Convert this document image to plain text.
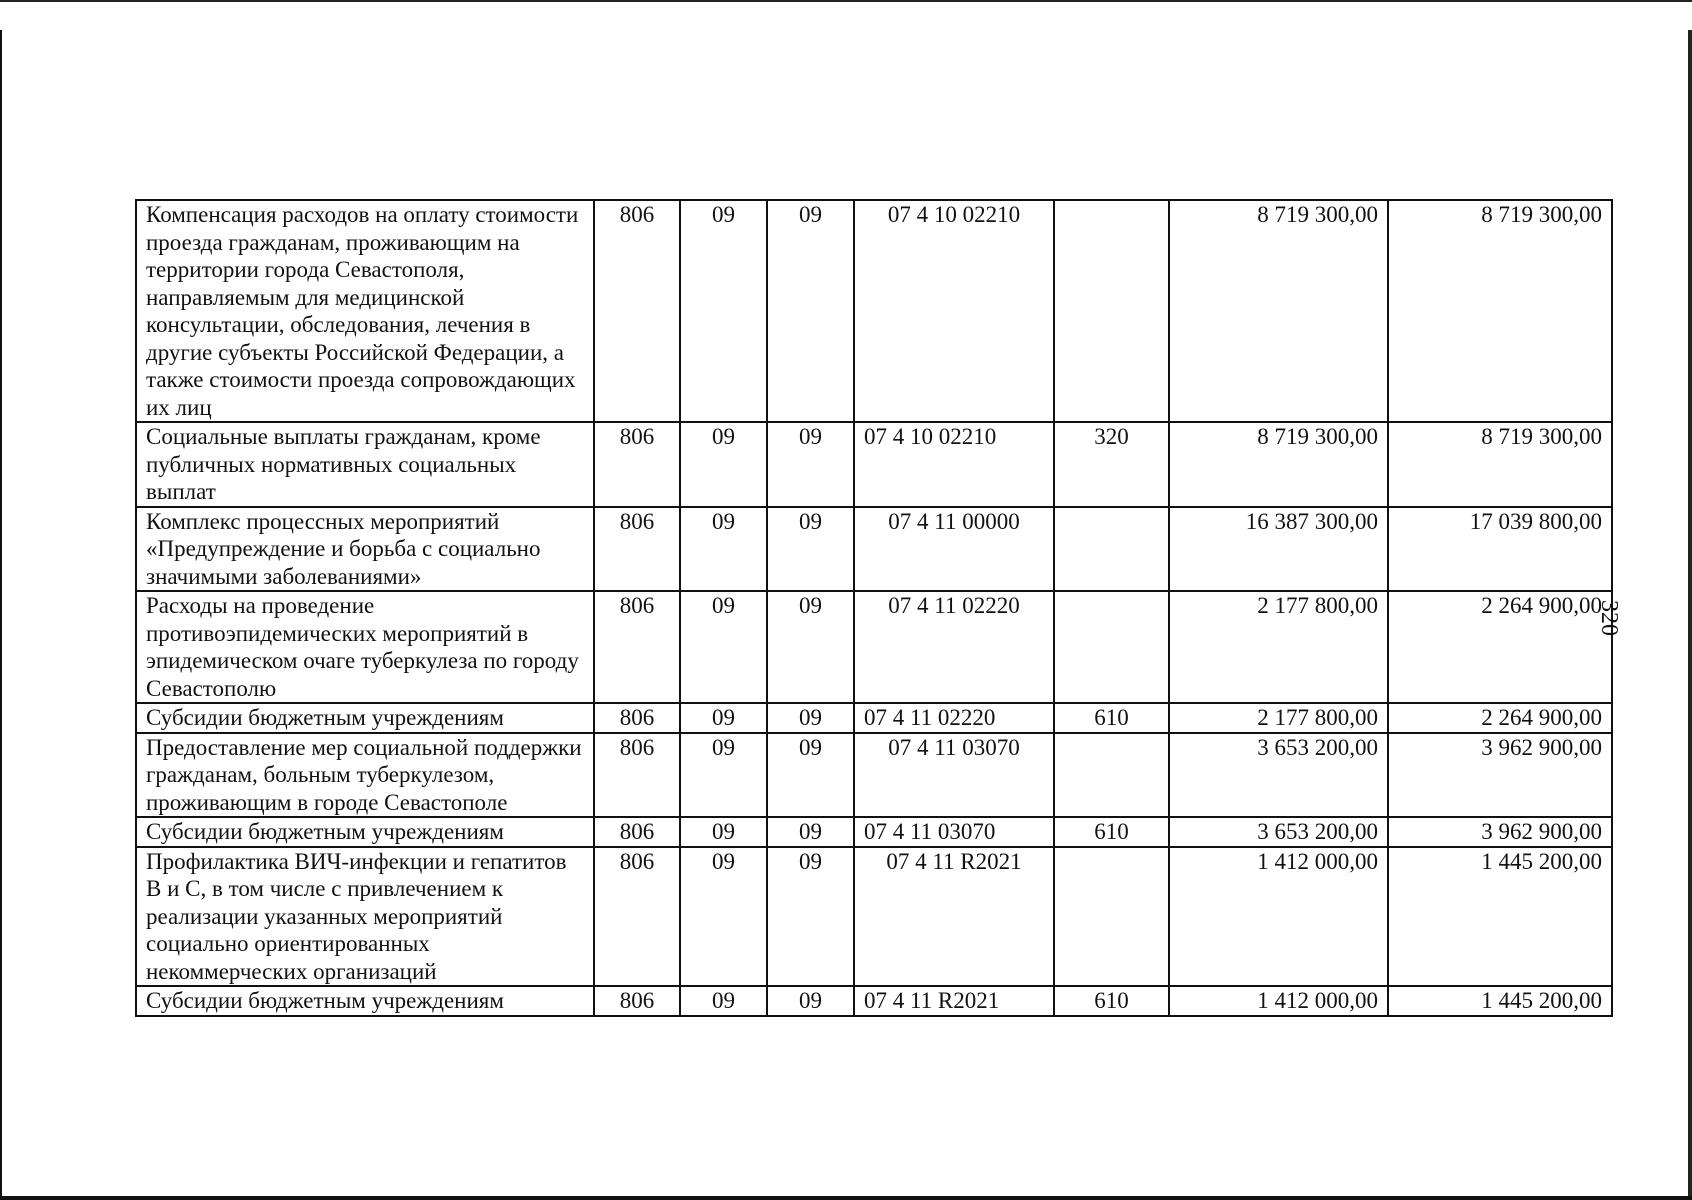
320
Компенсация расходов на оплату стоимости проезда гражданам, проживающим на территории города Севастополя, направляемым для медицинской консультации, обследования, лечения в другие субъекты Российской Федерации, а также стоимости проезда сопровождающих их лиц	806	09	09	07 4 10 02210		8 719 300,00	8 719 300,00
Социальные выплаты гражданам, кроме публичных нормативных социальных выплат	806	09	09	07 4 10 02210	320	8 719 300,00	8 719 300,00
Комплекс процессных мероприятий «Предупреждение и борьба с социально значимыми заболеваниями»	806	09	09	07 4 11 00000		16 387 300,00	17 039 800,00
Расходы на проведение противоэпидемических мероприятий в эпидемическом очаге туберкулеза по городу Севастополю	806	09	09	07 4 11 02220		2 177 800,00	2 264 900,00
Субсидии бюджетным учреждениям	806	09	09	07 4 11 02220	610	2 177 800,00	2 264 900,00
Предоставление мер социальной поддержки гражданам, больным туберкулезом, проживающим в городе Севастополе	806	09	09	07 4 11 03070		3 653 200,00	3 962 900,00
Субсидии бюджетным учреждениям	806	09	09	07 4 11 03070	610	3 653 200,00	3 962 900,00
Профилактика ВИЧ-инфекции и гепатитов В и С, в том числе с привлечением к реализации указанных мероприятий социально ориентированных некоммерческих организаций	806	09	09	07 4 11 R2021		1 412 000,00	1 445 200,00
Субсидии бюджетным учреждениям	806	09	09	07 4 11 R2021	610	1 412 000,00	1 445 200,00
